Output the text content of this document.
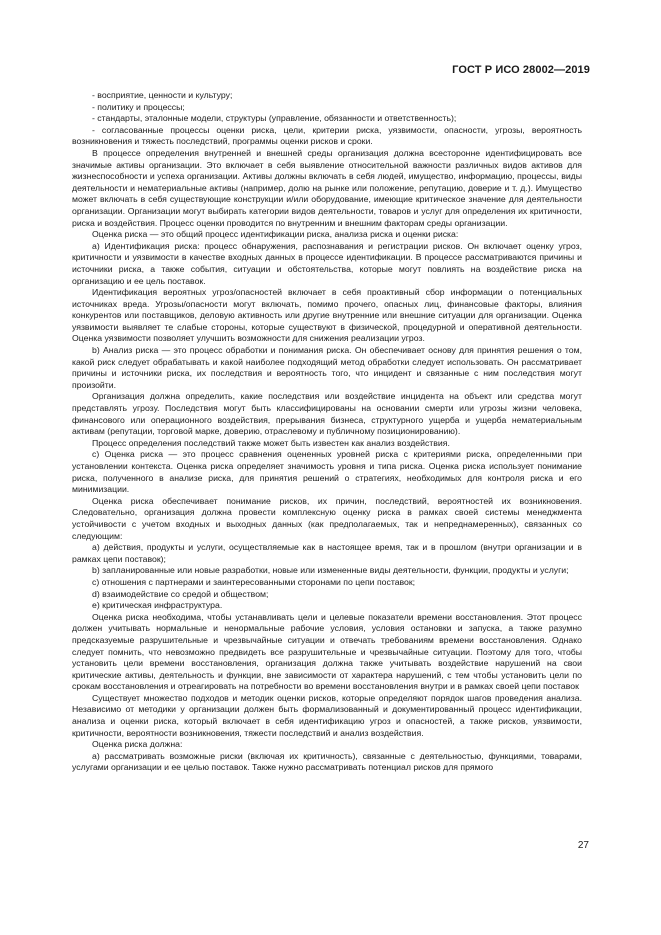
ГОСТ Р ИСО 28002—2019

- восприятие, ценности и культуру;

- политику и процессы;

- стандарты, эталонные модели, структуры (управление, обязанности и ответственность);

- согласованные процессы оценки риска, цели, критерии риска, уязвимости, опасности, угрозы, вероятность возникновения и тяжесть последствий, программы оценки рисков и сроки.

В процессе определения внутренней и внешней среды организация должна всесторонне идентифицировать все значимые активы организации. Это включает в себя выявление относительной важности различных видов активов для жизнеспособности и успеха организации. Активы должны включать в себя людей, имущество, информацию, процессы, виды деятельности и нематериальные активы (например, долю на рынке или положение, репутацию, доверие и т. д.). Имущество может включать в себя существующие конструкции и/или оборудование, имеющие критическое значение для деятельности организации. Организации могут выбирать категории видов деятельности, товаров и услуг для определения их критичности, риска и воздействия. Процесс оценки проводится по внутренним и внешним факторам среды организации.

Оценка риска — это общий процесс идентификации риска, анализа риска и оценки риска:

a) Идентификация риска: процесс обнаружения, распознавания и регистрации рисков. Он включает оценку угроз, критичности и уязвимости в качестве входных данных в процессе идентификации. В процессе рассматриваются причины и источники риска, а также события, ситуации и обстоятельства, которые могут повлиять на воздействие риска на организацию и ее цель поставок.

Идентификация вероятных угроз/опасностей включает в себя проактивный сбор информации о потенциальных источниках вреда. Угрозы/опасности могут включать, помимо прочего, опасных лиц, финансовые факторы, влияния конкурентов или поставщиков, деловую активность или другие внутренние или внешние ситуации для организации. Оценка уязвимости выявляет те слабые стороны, которые существуют в физической, процедурной и оперативной деятельности. Оценка уязвимости позволяет улучшить возможности для снижения реализации угроз.

b) Анализ риска — это процесс обработки и понимания риска. Он обеспечивает основу для принятия решения о том, какой риск следует обрабатывать и какой наиболее подходящий метод обработки следует использовать. Он рассматривает причины и источники риска, их последствия и вероятность того, что инцидент и связанные с ним последствия могут произойти.

Организация должна определить, какие последствия или воздействие инцидента на объект или средства могут представлять угрозу. Последствия могут быть классифицированы на основании смерти или угрозы жизни человека, финансового или операционного воздействия, прерывания бизнеса, структурного ущерба и ущерба нематериальным активам (репутации, торговой марке, доверию, отраслевому и публичному позиционированию).

Процесс определения последствий также может быть известен как анализ воздействия.

c) Оценка риска — это процесс сравнения оцененных уровней риска с критериями риска, определенными при установлении контекста. Оценка риска определяет значимость уровня и типа риска. Оценка риска использует понимание риска, полученного в анализе риска, для принятия решений о стратегиях, необходимых для контроля риска и его минимизации.

Оценка риска обеспечивает понимание рисков, их причин, последствий, вероятностей их возникновения. Следовательно, организация должна провести комплексную оценку риска в рамках своей системы менеджмента устойчивости с учетом входных и выходных данных (как предполагаемых, так и непреднамеренных), связанных со следующим:

a) действия, продукты и услуги, осуществляемые как в настоящее время, так и в прошлом (внутри организации и в рамках цепи поставок);

b) запланированные или новые разработки, новые или измененные виды деятельности, функции, продукты и услуги;

c) отношения с партнерами и заинтересованными сторонами по цепи поставок;

d) взаимодействие со средой и обществом;

e) критическая инфраструктура.

Оценка риска необходима, чтобы устанавливать цели и целевые показатели времени восстановления. Этот процесс должен учитывать нормальные и ненормальные рабочие условия, условия остановки и запуска, а также разумно предсказуемые разрушительные и чрезвычайные ситуации и отвечать требованиям времени восстановления. Однако следует помнить, что невозможно предвидеть все разрушительные и чрезвычайные ситуации. Поэтому для того, чтобы установить цели времени восстановления, организация должна также учитывать воздействие нарушений на свои критические активы, деятельность и функции, вне зависимости от характера нарушений, с тем чтобы установить цели по срокам восстановления и отреагировать на потребности во времени восстановления внутри и в рамках своей цепи поставок

Существует множество подходов и методик оценки рисков, которые определяют порядок шагов проведения анализа. Независимо от методики у организации должен быть формализованный и документированный процесс идентификации, анализа и оценки риска, который включает в себя идентификацию угроз и опасностей, а также рисков, уязвимости, критичности, вероятности возникновения, тяжести последствий и анализ воздействия.

Оценка риска должна:

a) рассматривать возможные риски (включая их критичность), связанные с деятельностью, функциями, товарами, услугами организации и ее целью поставок. Также нужно рассматривать потенциал рисков для прямого

27
